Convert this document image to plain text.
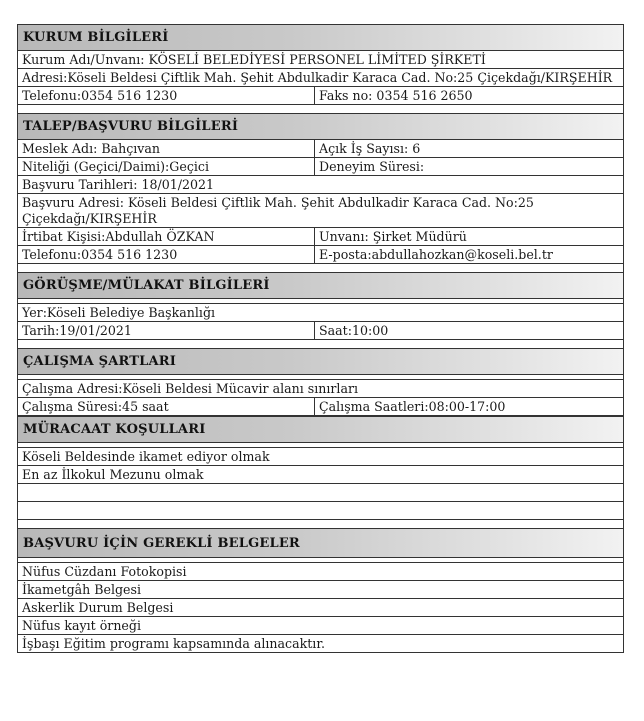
KURUM BİLGİLERİ
Kurum Adı/Unvanı: KÖSELİ BELEDİYESİ PERSONEL LİMİTED ŞİRKETİ
Adresi:Köseli Beldesi Çiftlik Mah. Şehit Abdulkadir Karaca Cad. No:25 Çiçekdağı/KIRŞEHİR
Telefonu:0354 516 1230	Faks no: 0354 516 2650
TALEP/BAŞVURU BİLGİLERİ
Meslek Adı: Bahçıvan	Açık İş Sayısı: 6
Niteliği (Geçici/Daimi):Geçici	Deneyim Süresi:
Başvuru Tarihleri: 18/01/2021
Başvuru Adresi: Köseli Beldesi Çiftlik Mah. Şehit Abdulkadir Karaca Cad. No:25 Çiçekdağı/KIRŞEHİR
İrtibat Kişisi:Abdullah ÖZKAN	Unvanı: Şirket Müdürü
Telefonu:0354 516 1230	E-posta:abdullahozkan@koseli.bel.tr
GÖRÜŞME/MÜLAKAT BİLGİLERİ
Yer:Köseli Belediye Başkanlığı
Tarih:19/01/2021	Saat:10:00
ÇALIŞMA ŞARTLARI
Çalışma Adresi:Köseli Beldesi Mücavir alanı sınırları
Çalışma Süresi:45 saat	Çalışma Saatleri:08:00-17:00
MÜRACAAT KOŞULLARI
Köseli Beldesinde ikamet ediyor olmak
En az İlkokul Mezunu olmak
BAŞVURU İÇİN GEREKLİ BELGELER
Nüfus Cüzdanı Fotokopisi
İkametgâh Belgesi
Askerlik Durum Belgesi
Nüfus kayıt örneği
İşbaşı Eğitim programı kapsamında alınacaktır.
